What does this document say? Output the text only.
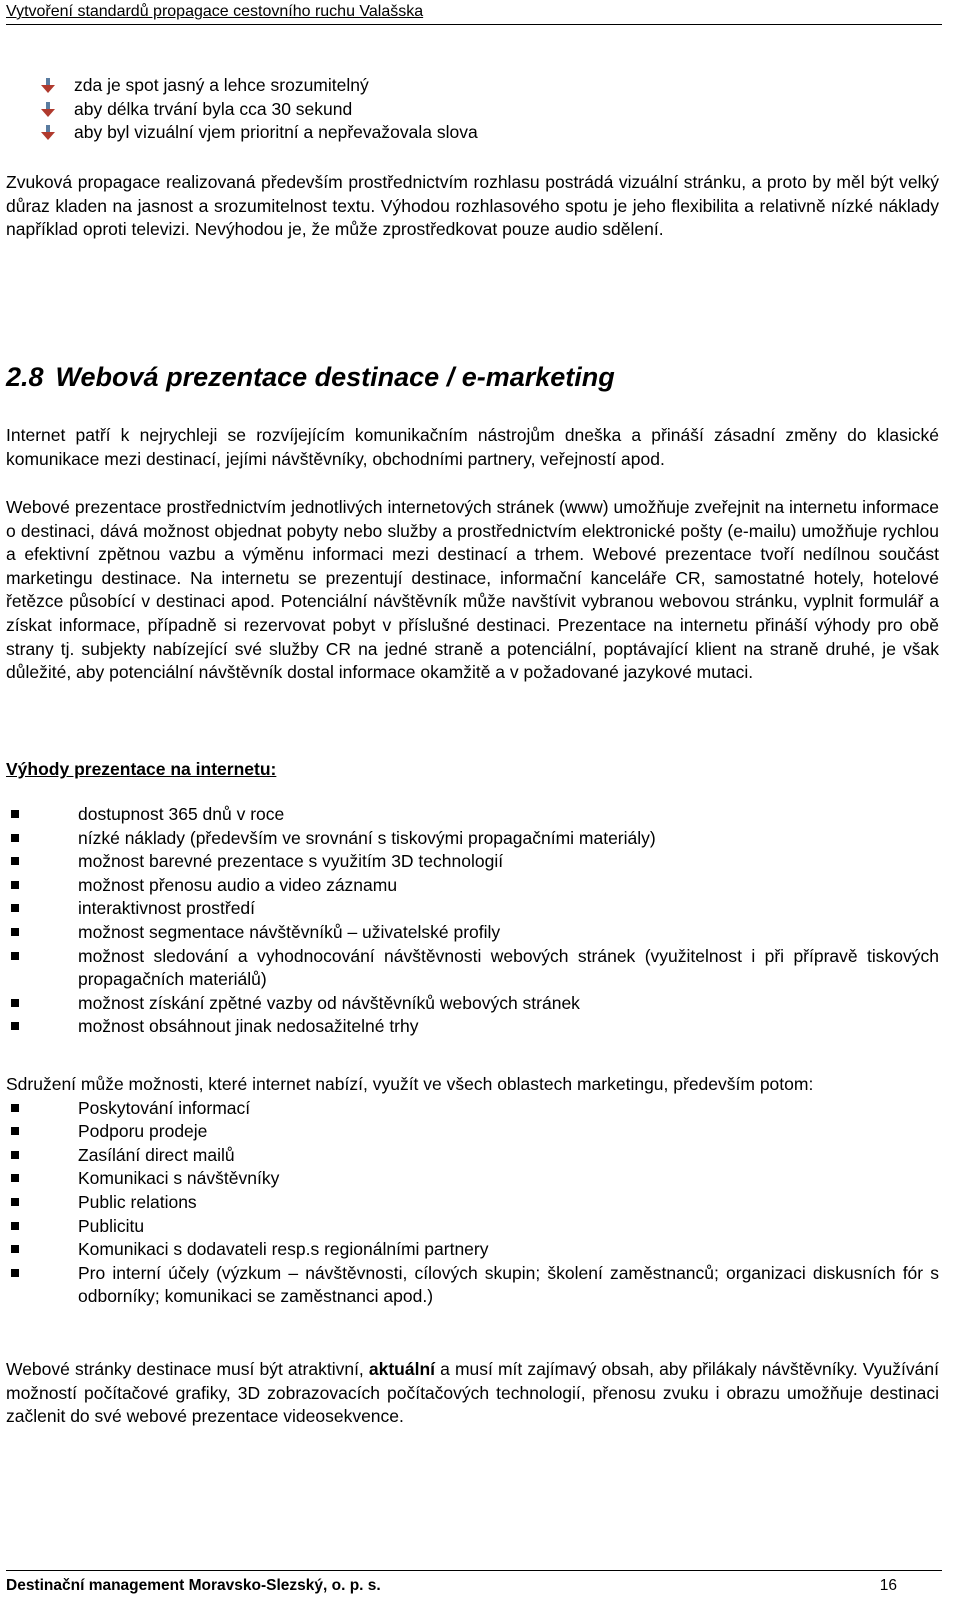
Vytvoření standardů propagace cestovního ruchu Valašska
zda je spot jasný a lehce srozumitelný
aby délka trvání byla cca 30 sekund
aby byl vizuální vjem prioritní a nepřevažovala slova

Zvuková propagace realizovaná především prostřednictvím rozhlasu postrádá vizuální stránku, a proto by měl být velký důraz kladen na jasnost a srozumitelnost textu. Výhodou rozhlasového spotu je jeho flexibilita a relativně nízké náklady například oproti televizi. Nevýhodou je, že může zprostředkovat pouze audio sdělení.

2.8 Webová prezentace destinace / e-marketing

Internet patří k nejrychleji se rozvíjejícím komunikačním nástrojům dneška a přináší zásadní změny do klasické komunikace mezi destinací, jejími návštěvníky, obchodními partnery, veřejností apod.

Webové prezentace prostřednictvím jednotlivých internetových stránek (www) umožňuje zveřejnit na internetu informace o destinaci, dává možnost objednat pobyty nebo služby a prostřednictvím elektronické pošty (e-mailu) umožňuje rychlou a efektivní zpětnou vazbu a výměnu informaci mezi destinací a trhem. Webové prezentace tvoří nedílnou součást marketingu destinace. Na internetu se prezentují destinace, informační kanceláře CR, samostatné hotely, hotelové řetězce působící v destinaci apod. Potenciální návštěvník může navštívit vybranou webovou stránku, vyplnit formulář a získat informace, případně si rezervovat pobyt v příslušné destinaci. Prezentace na internetu přináší výhody pro obě strany tj. subjekty nabízející své služby CR na jedné straně a potenciální, poptávající klient na straně druhé, je však důležité, aby potenciální návštěvník dostal informace okamžitě a v požadované jazykové mutaci.

Výhody prezentace na internetu:

dostupnost 365 dnů v roce
nízké náklady (především ve srovnání s tiskovými propagačními materiály)
možnost barevné prezentace s využitím 3D technologií
možnost přenosu audio a video záznamu
interaktivnost prostředí
možnost segmentace návštěvníků – uživatelské profily
možnost sledování a vyhodnocování návštěvnosti webových stránek (využitelnost i při přípravě tiskových propagačních materiálů)
možnost získání zpětné vazby od návštěvníků webových stránek
možnost obsáhnout jinak nedosažitelné trhy

Sdružení může možnosti, které internet nabízí, využít ve všech oblastech marketingu, především potom:

Poskytování informací
Podporu prodeje
Zasílání direct mailů
Komunikaci s návštěvníky
Public relations
Publicitu
Komunikaci s dodavateli resp.s regionálními partnery
Pro interní účely (výzkum – návštěvnosti, cílových skupin; školení zaměstnanců; organizaci diskusních fór s odborníky; komunikaci se zaměstnanci apod.)

Webové stránky destinace musí být atraktivní, aktuální a musí mít zajímavý obsah, aby přilákaly návštěvníky. Využívání možností počítačové grafiky, 3D zobrazovacích počítačových technologií, přenosu zvuku i obrazu umožňuje destinaci začlenit do své webové prezentace videosekvence.

Destinační management Moravsko-Slezský, o. p. s.	16
